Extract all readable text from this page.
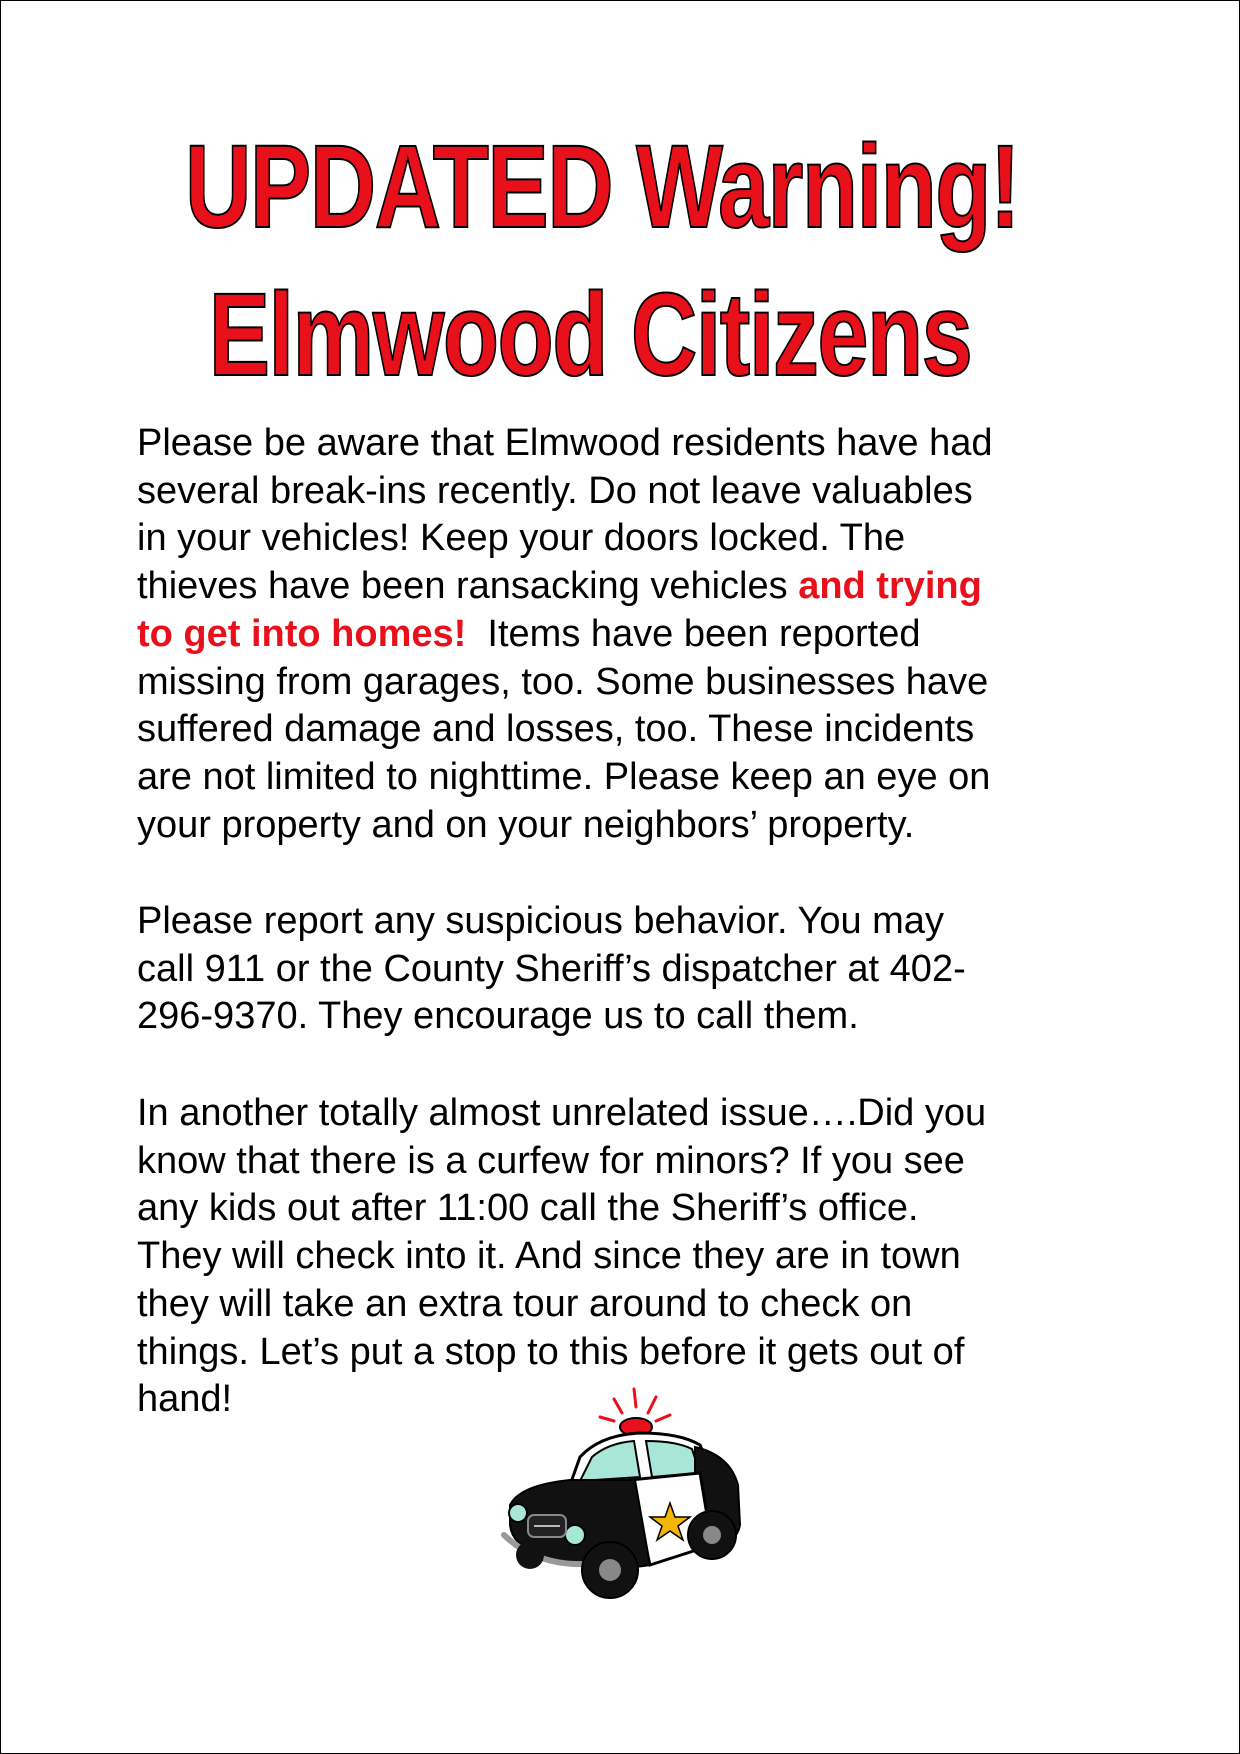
UPDATED Warning!
Elmwood Citizens

Please be aware that Elmwood residents have had
several break-ins recently. Do not leave valuables
in your vehicles! Keep your doors locked. The
thieves have been ransacking vehicles and trying
to get into homes!  Items have been reported
missing from garages, too. Some businesses have
suffered damage and losses, too. These incidents
are not limited to nighttime. Please keep an eye on
your property and on your neighbors’ property.

Please report any suspicious behavior. You may
call 911 or the County Sheriff’s dispatcher at 402-
296-9370. They encourage us to call them.

In another totally almost unrelated issue….Did you
know that there is a curfew for minors? If you see
any kids out after 11:00 call the Sheriff’s office.
They will check into it. And since they are in town
they will take an extra tour around to check on
things. Let’s put a stop to this before it gets out of
hand!
